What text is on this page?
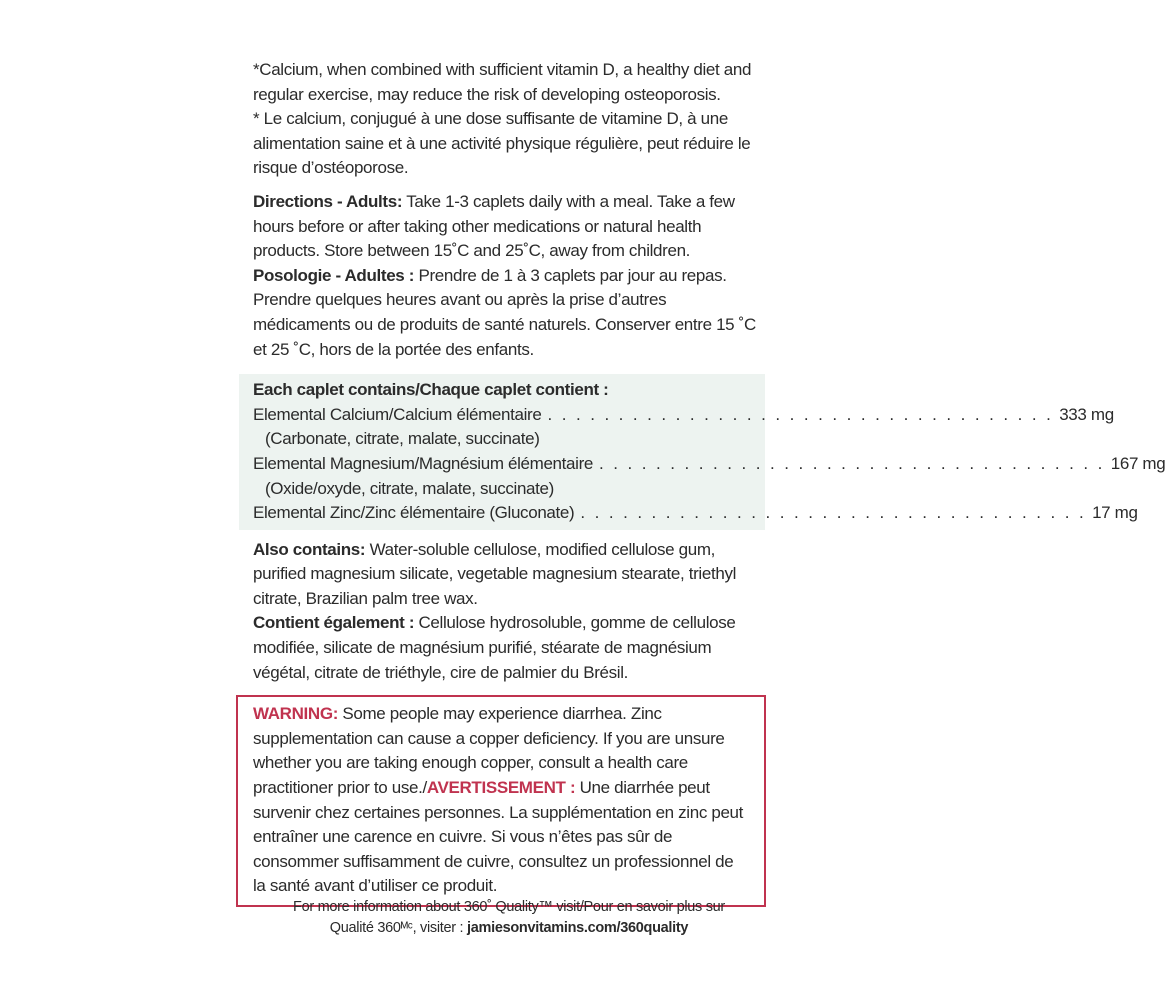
*Calcium, when combined with sufficient vitamin D, a healthy diet and regular exercise, may reduce the risk of developing osteoporosis.

* Le calcium, conjugué à une dose suffisante de vitamine D, à une alimentation saine et à une activité physique régulière, peut réduire le risque d’ostéoporose.

Directions - Adults: Take 1-3 caplets daily with a meal. Take a few hours before or after taking other medications or natural health products. Store between 15˚C and 25˚C, away from children.

Posologie - Adultes : Prendre de 1 à 3 caplets par jour au repas. Prendre quelques heures avant ou après la prise d’autres médicaments ou de produits de santé naturels. Conserver entre 15 ˚C et 25 ˚C, hors de la portée des enfants.

Each caplet contains/Chaque caplet contient :

Elemental Calcium/Calcium élémentaire . . . . . . . . . . . . . . . . . . . . . . . . . . . . . . . . . . . . 333 mg

(Carbonate, citrate, malate, succinate)

Elemental Magnesium/Magnésium élémentaire . . . . . . . . . . . . . . . . . . . . . . . . . . . . . . . . . . . . 167 mg

(Oxide/oxyde, citrate, malate, succinate)

Elemental Zinc/Zinc élémentaire (Gluconate) . . . . . . . . . . . . . . . . . . . . . . . . . . . . . . . . . . . . 17 mg

Also contains: Water-soluble cellulose, modified cellulose gum, purified magnesium silicate, vegetable magnesium stearate, triethyl citrate, Brazilian palm tree wax.

Contient également : Cellulose hydrosoluble, gomme de cellulose modifiée, silicate de magnésium purifié, stéarate de magnésium végétal, citrate de triéthyle, cire de palmier du Brésil.

WARNING: Some people may experience diarrhea. Zinc supplementation can cause a copper deficiency. If you are unsure whether you are taking enough copper, consult a health care practitioner prior to use./AVERTISSEMENT : Une diarrhée peut survenir chez certaines personnes. La supplémentation en zinc peut entraîner une carence en cuivre. Si vous n’êtes pas sûr de consommer suffisamment de cuivre, consultez un professionnel de la santé avant d’utiliser ce produit.

For more information about 360˚ Quality™ visit/Pour en savoir plus sur
Qualité 360ᴹᶜ, visiter : jamiesonvitamins.com/360quality
